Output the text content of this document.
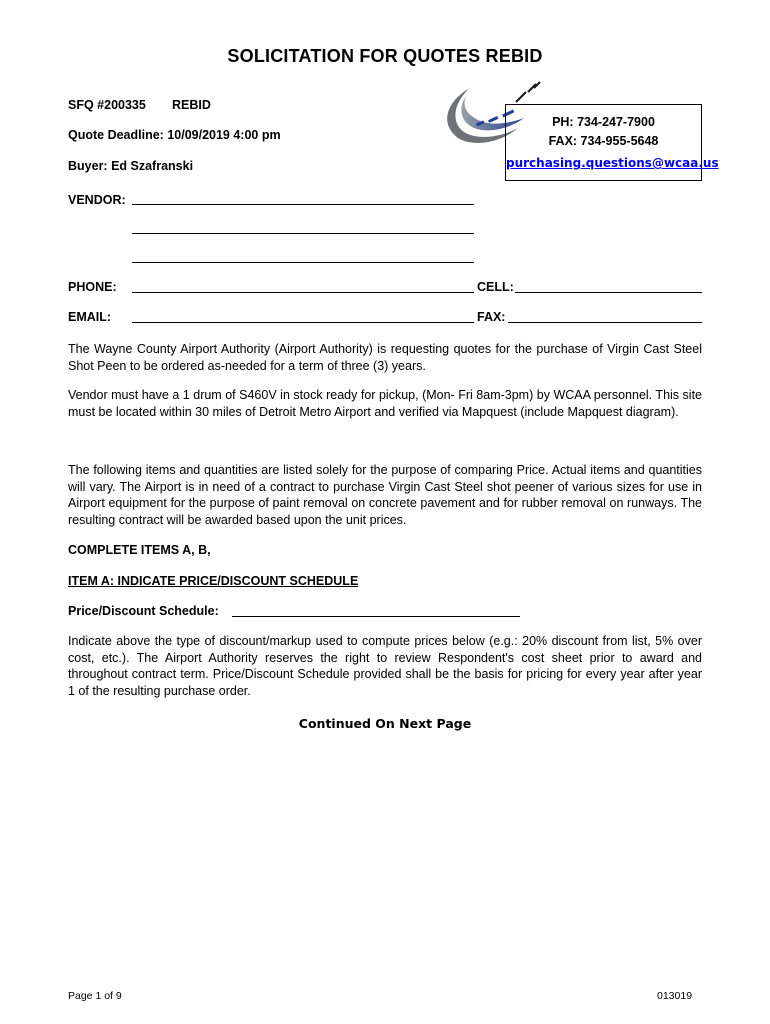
SOLICITATION FOR QUOTES REBID
SFQ #200335 REBID
Quote Deadline: 10/09/2019 4:00 pm
Buyer: Ed Szafranski
PH: 734-247-7900
FAX: 734-955-5648
purchasing.questions@wcaa.us
VENDOR:
PHONE:	CELL:
EMAIL:	FAX:
The Wayne County Airport Authority (Airport Authority) is requesting quotes for the purchase of Virgin Cast Steel Shot Peen to be ordered as-needed for a term of three (3) years.
Vendor must have a 1 drum of S460V in stock ready for pickup, (Mon- Fri 8am-3pm) by WCAA personnel. This site must be located within 30 miles of Detroit Metro Airport and verified via Mapquest (include Mapquest diagram).
The following items and quantities are listed solely for the purpose of comparing Price. Actual items and quantities will vary. The Airport is in need of a contract to purchase Virgin Cast Steel shot peener of various sizes for use in Airport equipment for the purpose of paint removal on concrete pavement and for rubber removal on runways. The resulting contract will be awarded based upon the unit prices.
COMPLETE ITEMS A, B,
ITEM A: INDICATE PRICE/DISCOUNT SCHEDULE
Price/Discount Schedule:
Indicate above the type of discount/markup used to compute prices below (e.g.: 20% discount from list, 5% over cost, etc.). The Airport Authority reserves the right to review Respondent's cost sheet prior to award and throughout contract term. Price/Discount Schedule provided shall be the basis for pricing for every year after year 1 of the resulting purchase order.
Continued On Next Page
Page 1 of 9	013019
